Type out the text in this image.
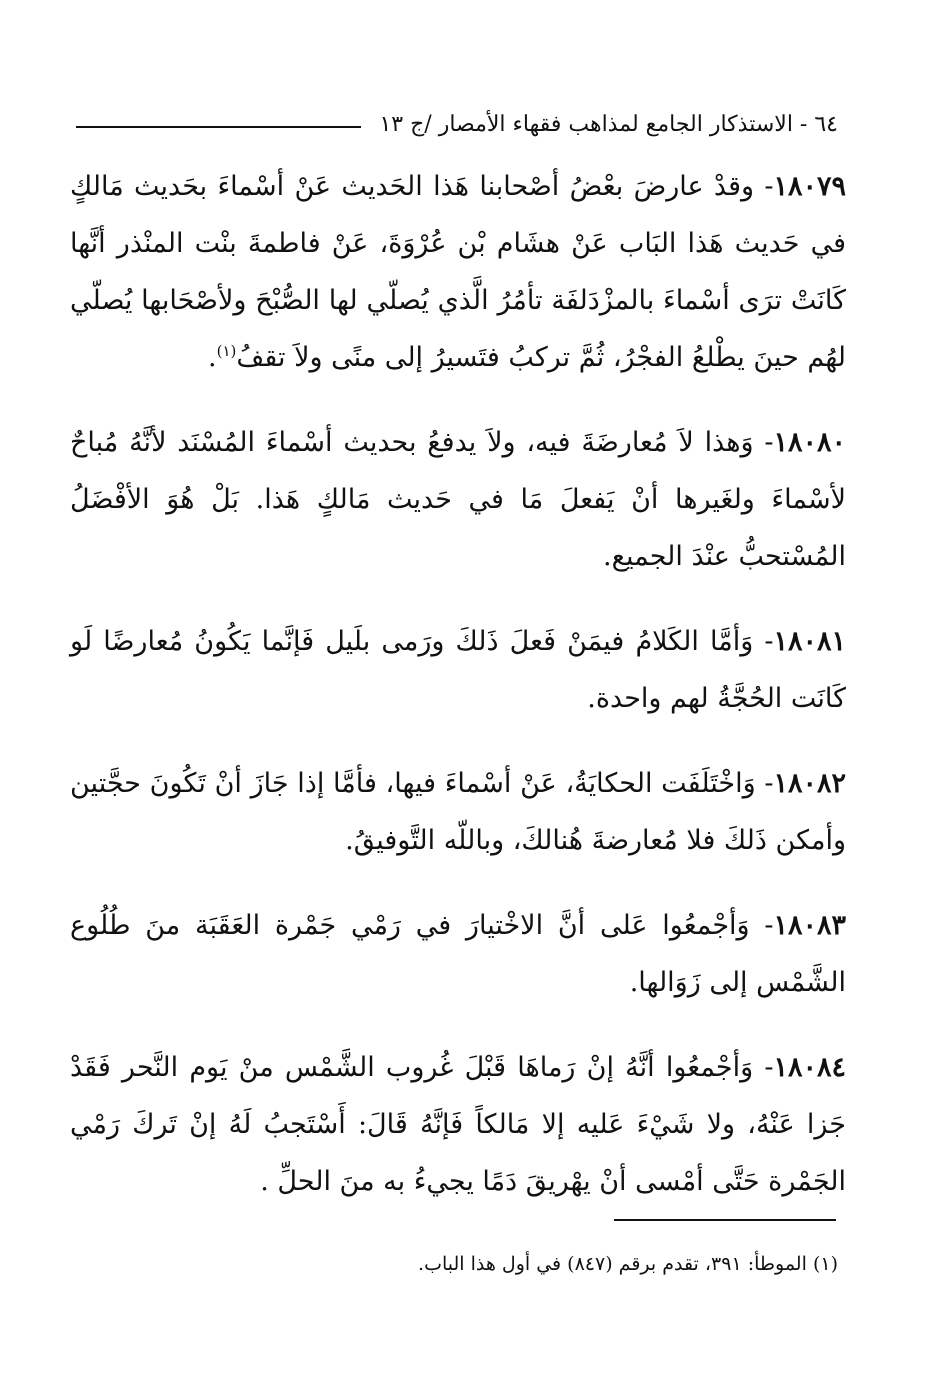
٦٤ - الاستذكار الجامع لمذاهب فقهاء الأمصار /ج ١٣

١٨٠٧٩- وقدْ عارضَ بعْضُ أصْحابنا هَذا الحَديث عَنْ أسْماءَ بحَديث مَالكٍ في حَديث هَذا البَاب عَنْ هشَام بْن عُرْوَةَ، عَنْ فاطمةَ بنْت المنْذر أنَّها كَانَتْ ترَى أسْماءَ بالمزْدَلفَة تأمُرُ الَّذي يُصلّي لها الصُّبْحَ ولأصْحَابها يُصلّي لهُم حينَ يطْلعُ الفجْرُ، ثُمَّ تركبُ فتَسيرُ إلى منًى ولاَ تقفُ$^{(١)}$.

١٨٠٨٠- وَهذا لاَ مُعارضَةَ فيه، ولاَ يدفعُ بحديث أسْماءَ المُسْنَد لأنَّهُ مُباحٌ لأسْماءَ ولغَيرها أنْ يَفعلَ مَا في حَديث مَالكٍ هَذا. بَلْ هُوَ الأفْضَلُ المُسْتحبُّ عنْدَ الجميع.

١٨٠٨١- وَأمَّا الكَلامُ فيمَنْ فَعلَ ذَلكَ ورَمى بلَيل فَإنَّما يَكُونُ مُعارضًا لَو كَانَت الحُجَّةُ لهم واحدة.

١٨٠٨٢- وَاخْتَلَفَت الحكايَةُ، عَنْ أسْماءَ فيها، فأمَّا إذا جَازَ أنْ تَكُونَ حجَّتين وأمكن ذَلكَ فلا مُعارضةَ هُنالكَ، وباللّه التَّوفيقُ.

١٨٠٨٣- وَأجْمعُوا عَلى أنَّ الاخْتيارَ في رَمْي جَمْرة العَقَبَة منَ طُلُوع الشَّمْس إلى زَوَالها.

١٨٠٨٤- وَأجْمعُوا أنَّهُ إنْ رَماهَا قَبْلَ غُروب الشَّمْس منْ يَوم النَّحر فَقَدْ جَزا عَنْهُ، ولا شَيْءَ عَليه إلا مَالكاً فَإنَّهُ قَالَ: أَسْتَجبُ لَهُ إنْ تَركَ رَمْي الجَمْرة حَتَّى أمْسى أنْ يهْريقَ دَمًا يجيءُ به منَ الحلِّ .

(١) الموطأ: ٣٩١، تقدم برقم (٨٤٧) في أول هذا الباب.
